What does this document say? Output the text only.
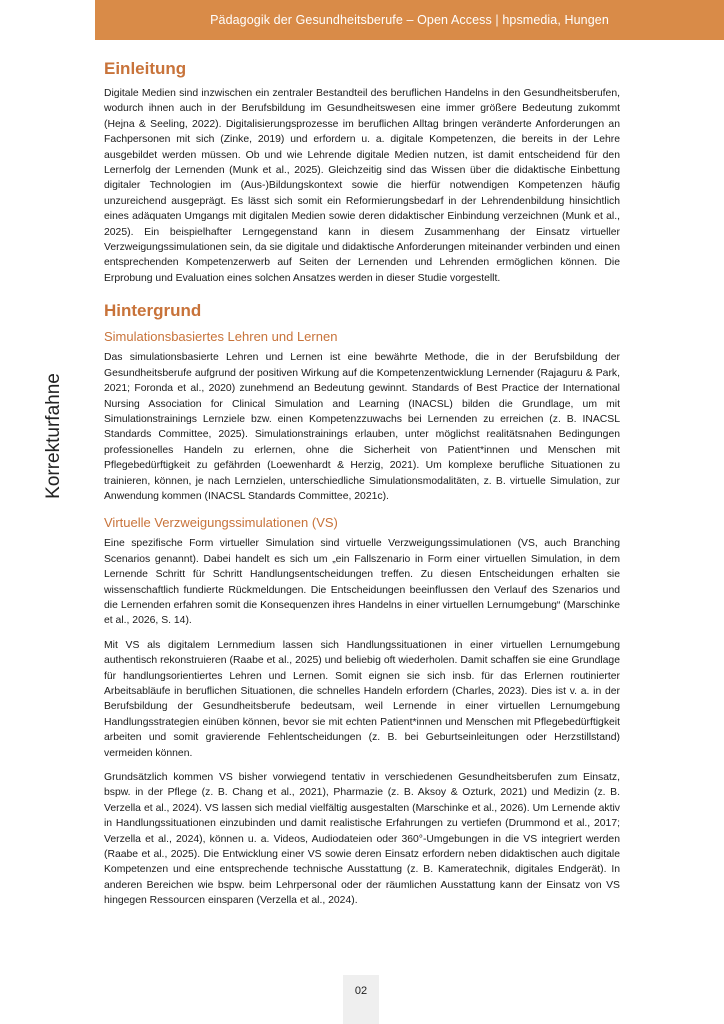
Pädagogik der Gesundheitsberufe – Open Access | hpsmedia, Hungen
Korrekturfahne
Einleitung

Digitale Medien sind inzwischen ein zentraler Bestandteil des beruflichen Handelns in den Gesundheitsberufen, wodurch ihnen auch in der Berufsbildung im Gesundheitswesen eine immer größere Bedeutung zukommt (Hejna & Seeling, 2022). Digitalisierungsprozesse im beruflichen Alltag bringen veränderte Anforderungen an Fachpersonen mit sich (Zinke, 2019) und erfordern u. a. digitale Kompetenzen, die bereits in der Lehre ausgebildet werden müssen. Ob und wie Lehrende digitale Medien nutzen, ist damit entscheidend für den Lernerfolg der Lernenden (Munk et al., 2025). Gleichzeitig sind das Wissen über die didaktische Einbettung digitaler Technologien im (Aus-)Bildungskontext sowie die hierfür notwendigen Kompetenzen häufig unzureichend ausgeprägt. Es lässt sich somit ein Reformierungsbedarf in der Lehrendenbildung hinsichtlich eines adäquaten Umgangs mit digitalen Medien sowie deren didaktischer Einbindung verzeichnen (Munk et al., 2025). Ein beispielhafter Lerngegenstand kann in diesem Zusammenhang der Einsatz virtueller Verzweigungssimulationen sein, da sie digitale und didaktische Anforderungen miteinander verbinden und einen entsprechenden Kompetenzerwerb auf Seiten der Lernenden und Lehrenden ermöglichen können. Die Erprobung und Evaluation eines solchen Ansatzes werden in dieser Studie vorgestellt.

Hintergrund
Simulationsbasiertes Lehren und Lernen

Das simulationsbasierte Lehren und Lernen ist eine bewährte Methode, die in der Berufsbildung der Gesundheitsberufe aufgrund der positiven Wirkung auf die Kompetenzentwicklung Lernender (Rajaguru & Park, 2021; Foronda et al., 2020) zunehmend an Bedeutung gewinnt. Standards of Best Practice der International Nursing Association for Clinical Simulation and Learning (INACSL) bilden die Grundlage, um mit Simulationstrainings Lernziele bzw. einen Kompetenzzuwachs bei Lernenden zu erreichen (z. B. INACSL Standards Committee, 2025). Simulationstrainings erlauben, unter möglichst realitätsnahen Bedingungen professionelles Handeln zu erlernen, ohne die Sicherheit von Patient*innen und Menschen mit Pflegebedürftigkeit zu gefährden (Loewenhardt & Herzig, 2021). Um komplexe berufliche Situationen zu trainieren, können, je nach Lernzielen, unterschiedliche Simulationsmodalitäten, z. B. virtuelle Simulation, zur Anwendung kommen (INACSL Standards Committee, 2021c).

Virtuelle Verzweigungssimulationen (VS)

Eine spezifische Form virtueller Simulation sind virtuelle Verzweigungssimulationen (VS, auch Branching Scenarios genannt). Dabei handelt es sich um „ein Fallszenario in Form einer virtuellen Simulation, in dem Lernende Schritt für Schritt Handlungsentscheidungen treffen. Zu diesen Entscheidungen erhalten sie wissenschaftlich fundierte Rückmeldungen. Die Entscheidungen beeinflussen den Verlauf des Szenarios und die Lernenden erfahren somit die Konsequenzen ihres Handelns in einer virtuellen Lernumgebung“ (Marschinke et al., 2026, S. 14).

Mit VS als digitalem Lernmedium lassen sich Handlungssituationen in einer virtuellen Lernumgebung authentisch rekonstruieren (Raabe et al., 2025) und beliebig oft wiederholen. Damit schaffen sie eine Grundlage für handlungsorientiertes Lehren und Lernen. Somit eignen sie sich insb. für das Erlernen routinierter Arbeitsabläufe in beruflichen Situationen, die schnelles Handeln erfordern (Charles, 2023). Dies ist v. a. in der Berufsbildung der Gesundheitsberufe bedeutsam, weil Lernende in einer virtuellen Lernumgebung Handlungsstrategien einüben können, bevor sie mit echten Patient*innen und Menschen mit Pflegebedürftigkeit arbeiten und somit gravierende Fehlentscheidungen (z. B. bei Geburtseinleitungen oder Herzstillstand) vermeiden können.

Grundsätzlich kommen VS bisher vorwiegend tentativ in verschiedenen Gesundheitsberufen zum Einsatz, bspw. in der Pflege (z. B. Chang et al., 2021), Pharmazie (z. B. Aksoy & Ozturk, 2021) und Medizin (z. B. Verzella et al., 2024). VS lassen sich medial vielfältig ausgestalten (Marschinke et al., 2026). Um Lernende aktiv in Handlungssituationen einzubinden und damit realistische Erfahrungen zu vertiefen (Drummond et al., 2017; Verzella et al., 2024), können u. a. Videos, Audiodateien oder 360°-Umgebungen in die VS integriert werden (Raabe et al., 2025). Die Entwicklung einer VS sowie deren Einsatz erfordern neben didaktischen auch digitale Kompetenzen und eine entsprechende technische Ausstattung (z. B. Kameratechnik, digitales Endgerät). In anderen Bereichen wie bspw. beim Lehrpersonal oder der räumlichen Ausstattung kann der Einsatz von VS hingegen Ressourcen einsparen (Verzella et al., 2024).

02
